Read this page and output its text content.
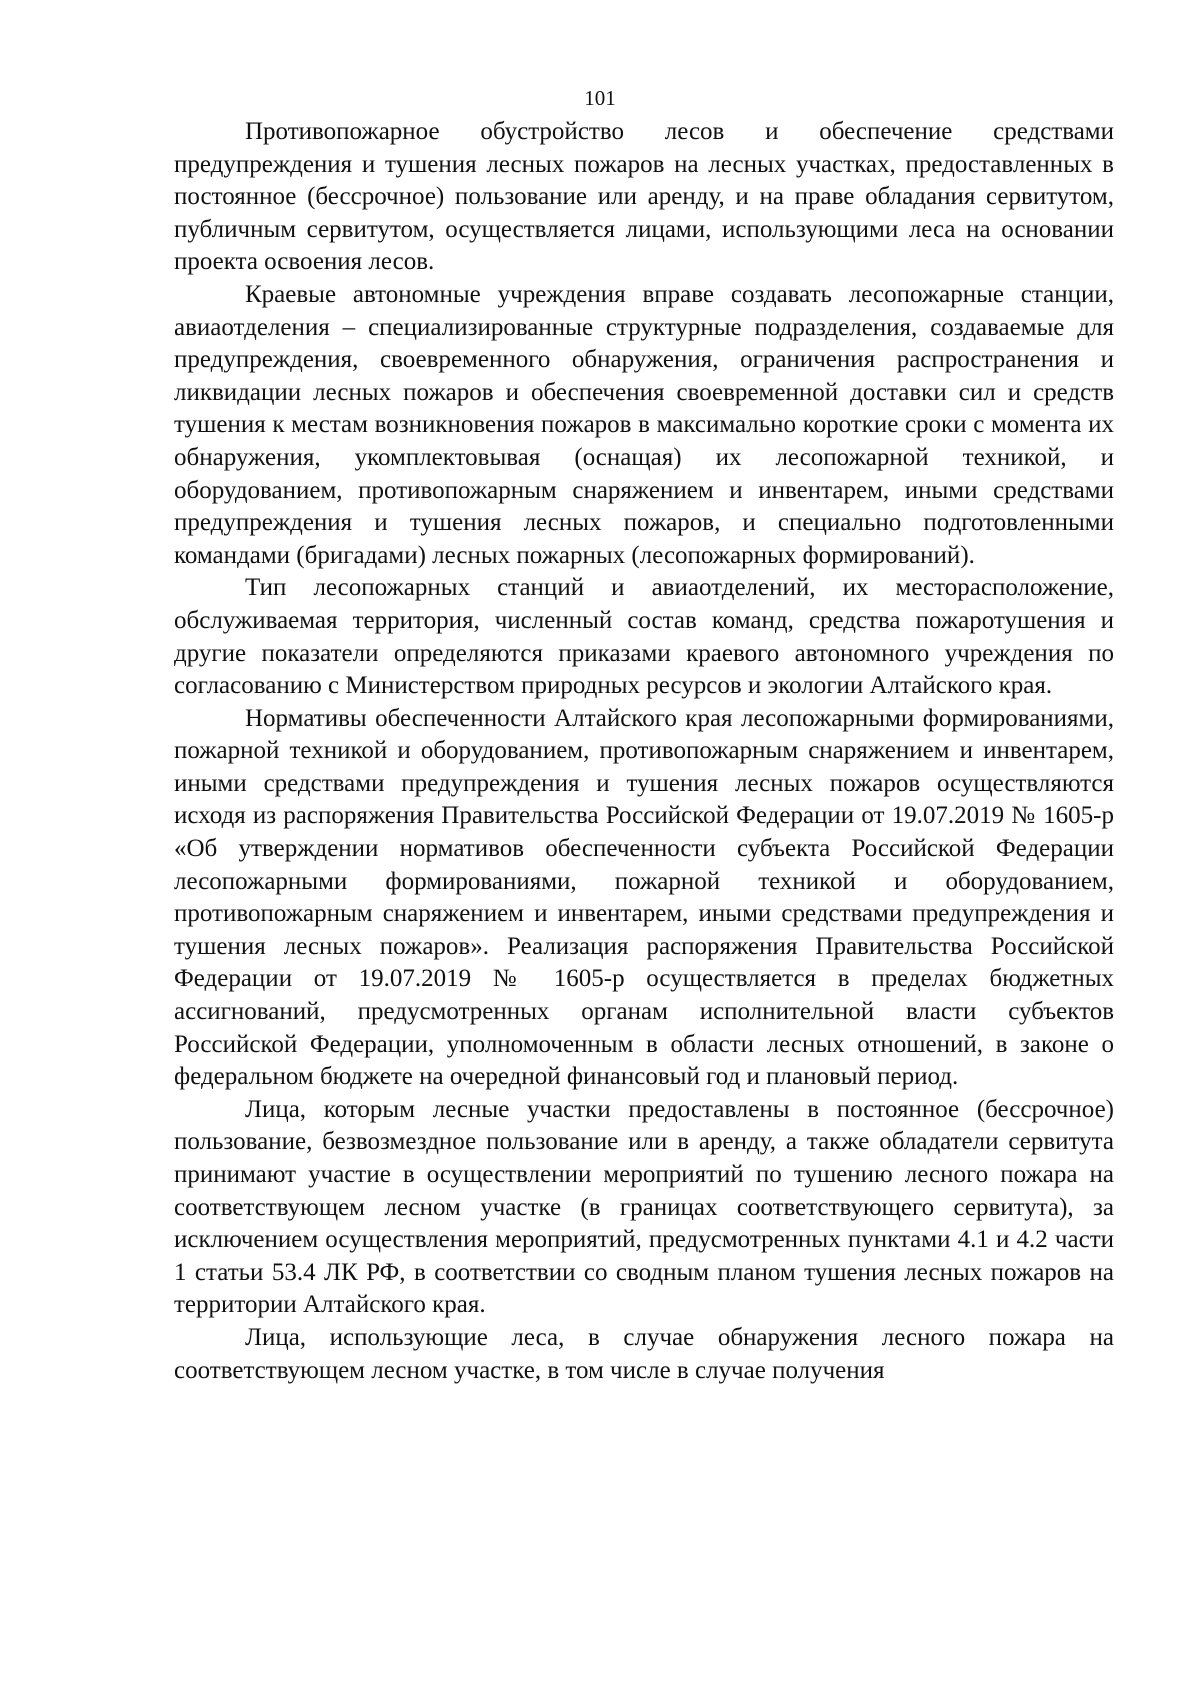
101

Противопожарное обустройство лесов и обеспечение средствами предупреждения и тушения лесных пожаров на лесных участках, предоставленных в постоянное (бессрочное) пользование или аренду, и на праве обладания сервитутом, публичным сервитутом, осуществляется лицами, использующими леса на основании проекта освоения лесов.

Краевые автономные учреждения вправе создавать лесопожарные станции, авиаотделения – специализированные структурные подразделения, создаваемые для предупреждения, своевременного обнаружения, ограничения распространения и ликвидации лесных пожаров и обеспечения своевременной доставки сил и средств тушения к местам возникновения пожаров в максимально короткие сроки с момента их обнаружения, укомплектовывая (оснащая) их лесопожарной техникой, и оборудованием, противопожарным снаряжением и инвентарем, иными средствами предупреждения и тушения лесных пожаров, и специально подготовленными командами (бригадами) лесных пожарных (лесопожарных формирований).

Тип лесопожарных станций и авиаотделений, их месторасположение, обслуживаемая территория, численный состав команд, средства пожаротушения и другие показатели определяются приказами краевого автономного учреждения по согласованию с Министерством природных ресурсов и экологии Алтайского края.

Нормативы обеспеченности Алтайского края лесопожарными формированиями, пожарной техникой и оборудованием, противопожарным снаряжением и инвентарем, иными средствами предупреждения и тушения лесных пожаров осуществляются исходя из распоряжения Правительства Российской Федерации от 19.07.2019 № 1605-р «Об утверждении нормативов обеспеченности субъекта Российской Федерации лесопожарными формированиями, пожарной техникой и оборудованием, противопожарным снаряжением и инвентарем, иными средствами предупреждения и тушения лесных пожаров». Реализация распоряжения Правительства Российской Федерации от 19.07.2019 № 1605-р осуществляется в пределах бюджетных ассигнований, предусмотренных органам исполнительной власти субъектов Российской Федерации, уполномоченным в области лесных отношений, в законе о федеральном бюджете на очередной финансовый год и плановый период.

Лица, которым лесные участки предоставлены в постоянное (бессрочное) пользование, безвозмездное пользование или в аренду, а также обладатели сервитута принимают участие в осуществлении мероприятий по тушению лесного пожара на соответствующем лесном участке (в границах соответствующего сервитута), за исключением осуществления мероприятий, предусмотренных пунктами 4.1 и 4.2 части 1 статьи 53.4 ЛК РФ, в соответствии со сводным планом тушения лесных пожаров на территории Алтайского края.

Лица, использующие леса, в случае обнаружения лесного пожара на соответствующем лесном участке, в том числе в случае получения
